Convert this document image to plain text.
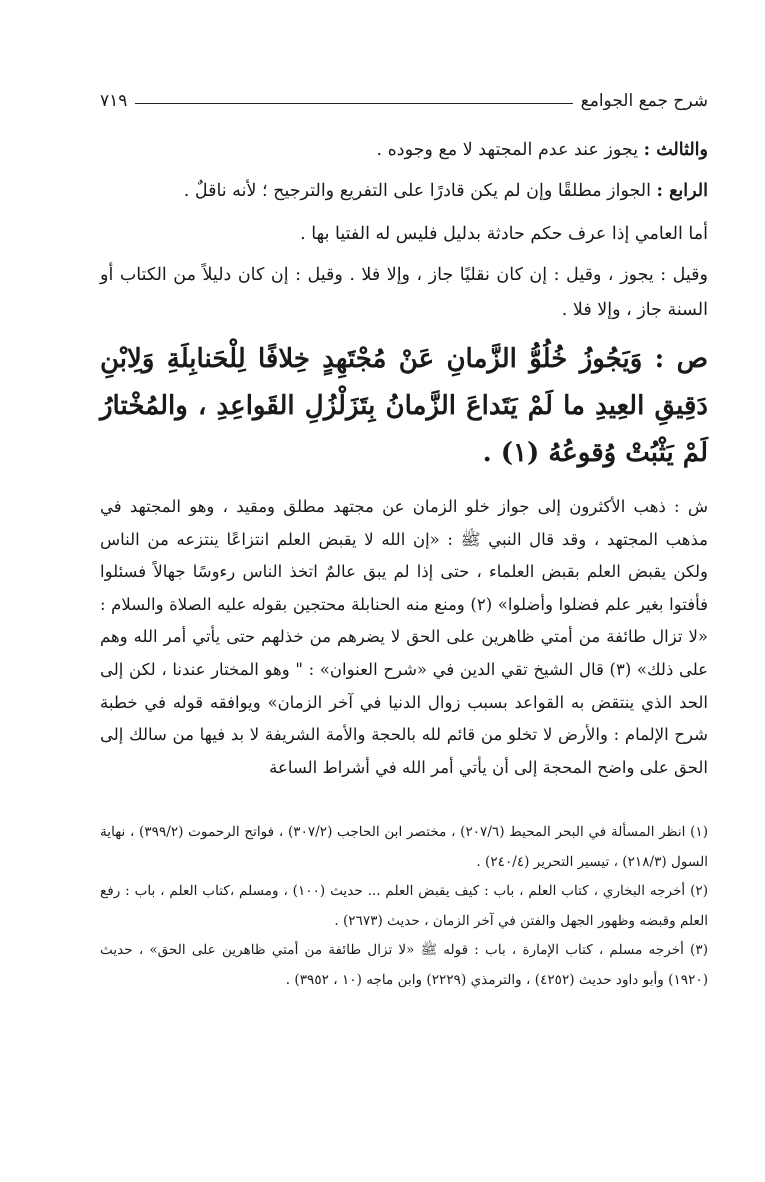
شرح جمع الجوامع
٧١٩

والثالث : يجوز عند عدم المجتهد لا مع وجوده .

الرابع : الجواز مطلقًا وإن لم يكن قادرًا على التفريع والترجيح ؛ لأنه ناقلٌ .

أما العامي إذا عرف حكم حادثة بدليل فليس له الفتيا بها .

وقيل : يجوز ، وقيل : إن كان نقليًا جاز ، وإلا فلا . وقيل : إن كان دليلاً من الكتاب أو السنة جاز ، وإلا فلا .

ص : وَيَجُوزُ خُلُوُّ الزَّمانِ عَنْ مُجْتَهِدٍ خِلافًا لِلْحَنابِلَةِ وَلِابْنِ دَقِيقِ العِيدِ ما لَمْ يَتَداعَ الزَّمانُ بِتَزَلْزُلِ القَواعِدِ ، والمُخْتارُ لَمْ يَثْبُتْ وُقوعُهُ (١) .

ش : ذهب الأكثرون إلى جواز خلو الزمان عن مجتهد مطلق ومقيد ، وهو المجتهد في مذهب المجتهد ، وقد قال النبي ﷺ : «إن الله لا يقبض العلم انتزاعًا ينتزعه من الناس ولكن يقبض العلم بقبض العلماء ، حتى إذا لم يبق عالمٌ اتخذ الناس رءوسًا جهالاً فسئلوا فأفتوا بغير علم فضلوا وأضلوا» (٢) ومنع منه الحنابلة محتجين بقوله عليه الصلاة والسلام : «لا تزال طائفة من أمتي ظاهرين على الحق لا يضرهم من خذلهم حتى يأتي أمر الله وهم على ذلك» (٣) قال الشيخ تقي الدين في «شرح العنوان» : " وهو المختار عندنا ، لكن إلى الحد الذي ينتقض به القواعد بسبب زوال الدنيا في آخر الزمان» ويوافقه قوله في خطبة شرح الإلمام : والأرض لا تخلو من قائم لله بالحجة والأمة الشريفة لا بد فيها من سالك إلى الحق على واضح المحجة إلى أن يأتي أمر الله في أشراط الساعة

(١) انظر المسألة في البحر المحيط (٢٠٧/٦) ، مختصر ابن الحاجب (٣٠٧/٢) ، فواتح الرحموت (٣٩٩/٢) ، نهاية السول (٢١٨/٣) ، تيسير التحرير (٢٤٠/٤) .

(٢) أخرجه البخاري ، كتاب العلم ، باب : كيف يقبض العلم ... حديث (١٠٠) ، ومسلم ،كتاب العلم ، باب : رفع العلم وقبضه وظهور الجهل والفتن في آخر الزمان ، حديث (٢٦٧٣) .

(٣) أخرجه مسلم ، كتاب الإمارة ، باب : قوله ﷺ «لا تزال طائفة من أمتي ظاهرين على الحق» ، حديث (١٩٢٠) وأبو داود حديث (٤٢٥٢) ، والترمذي (٢٢٢٩) وابن ماجه (١٠ ، ٣٩٥٢) .
